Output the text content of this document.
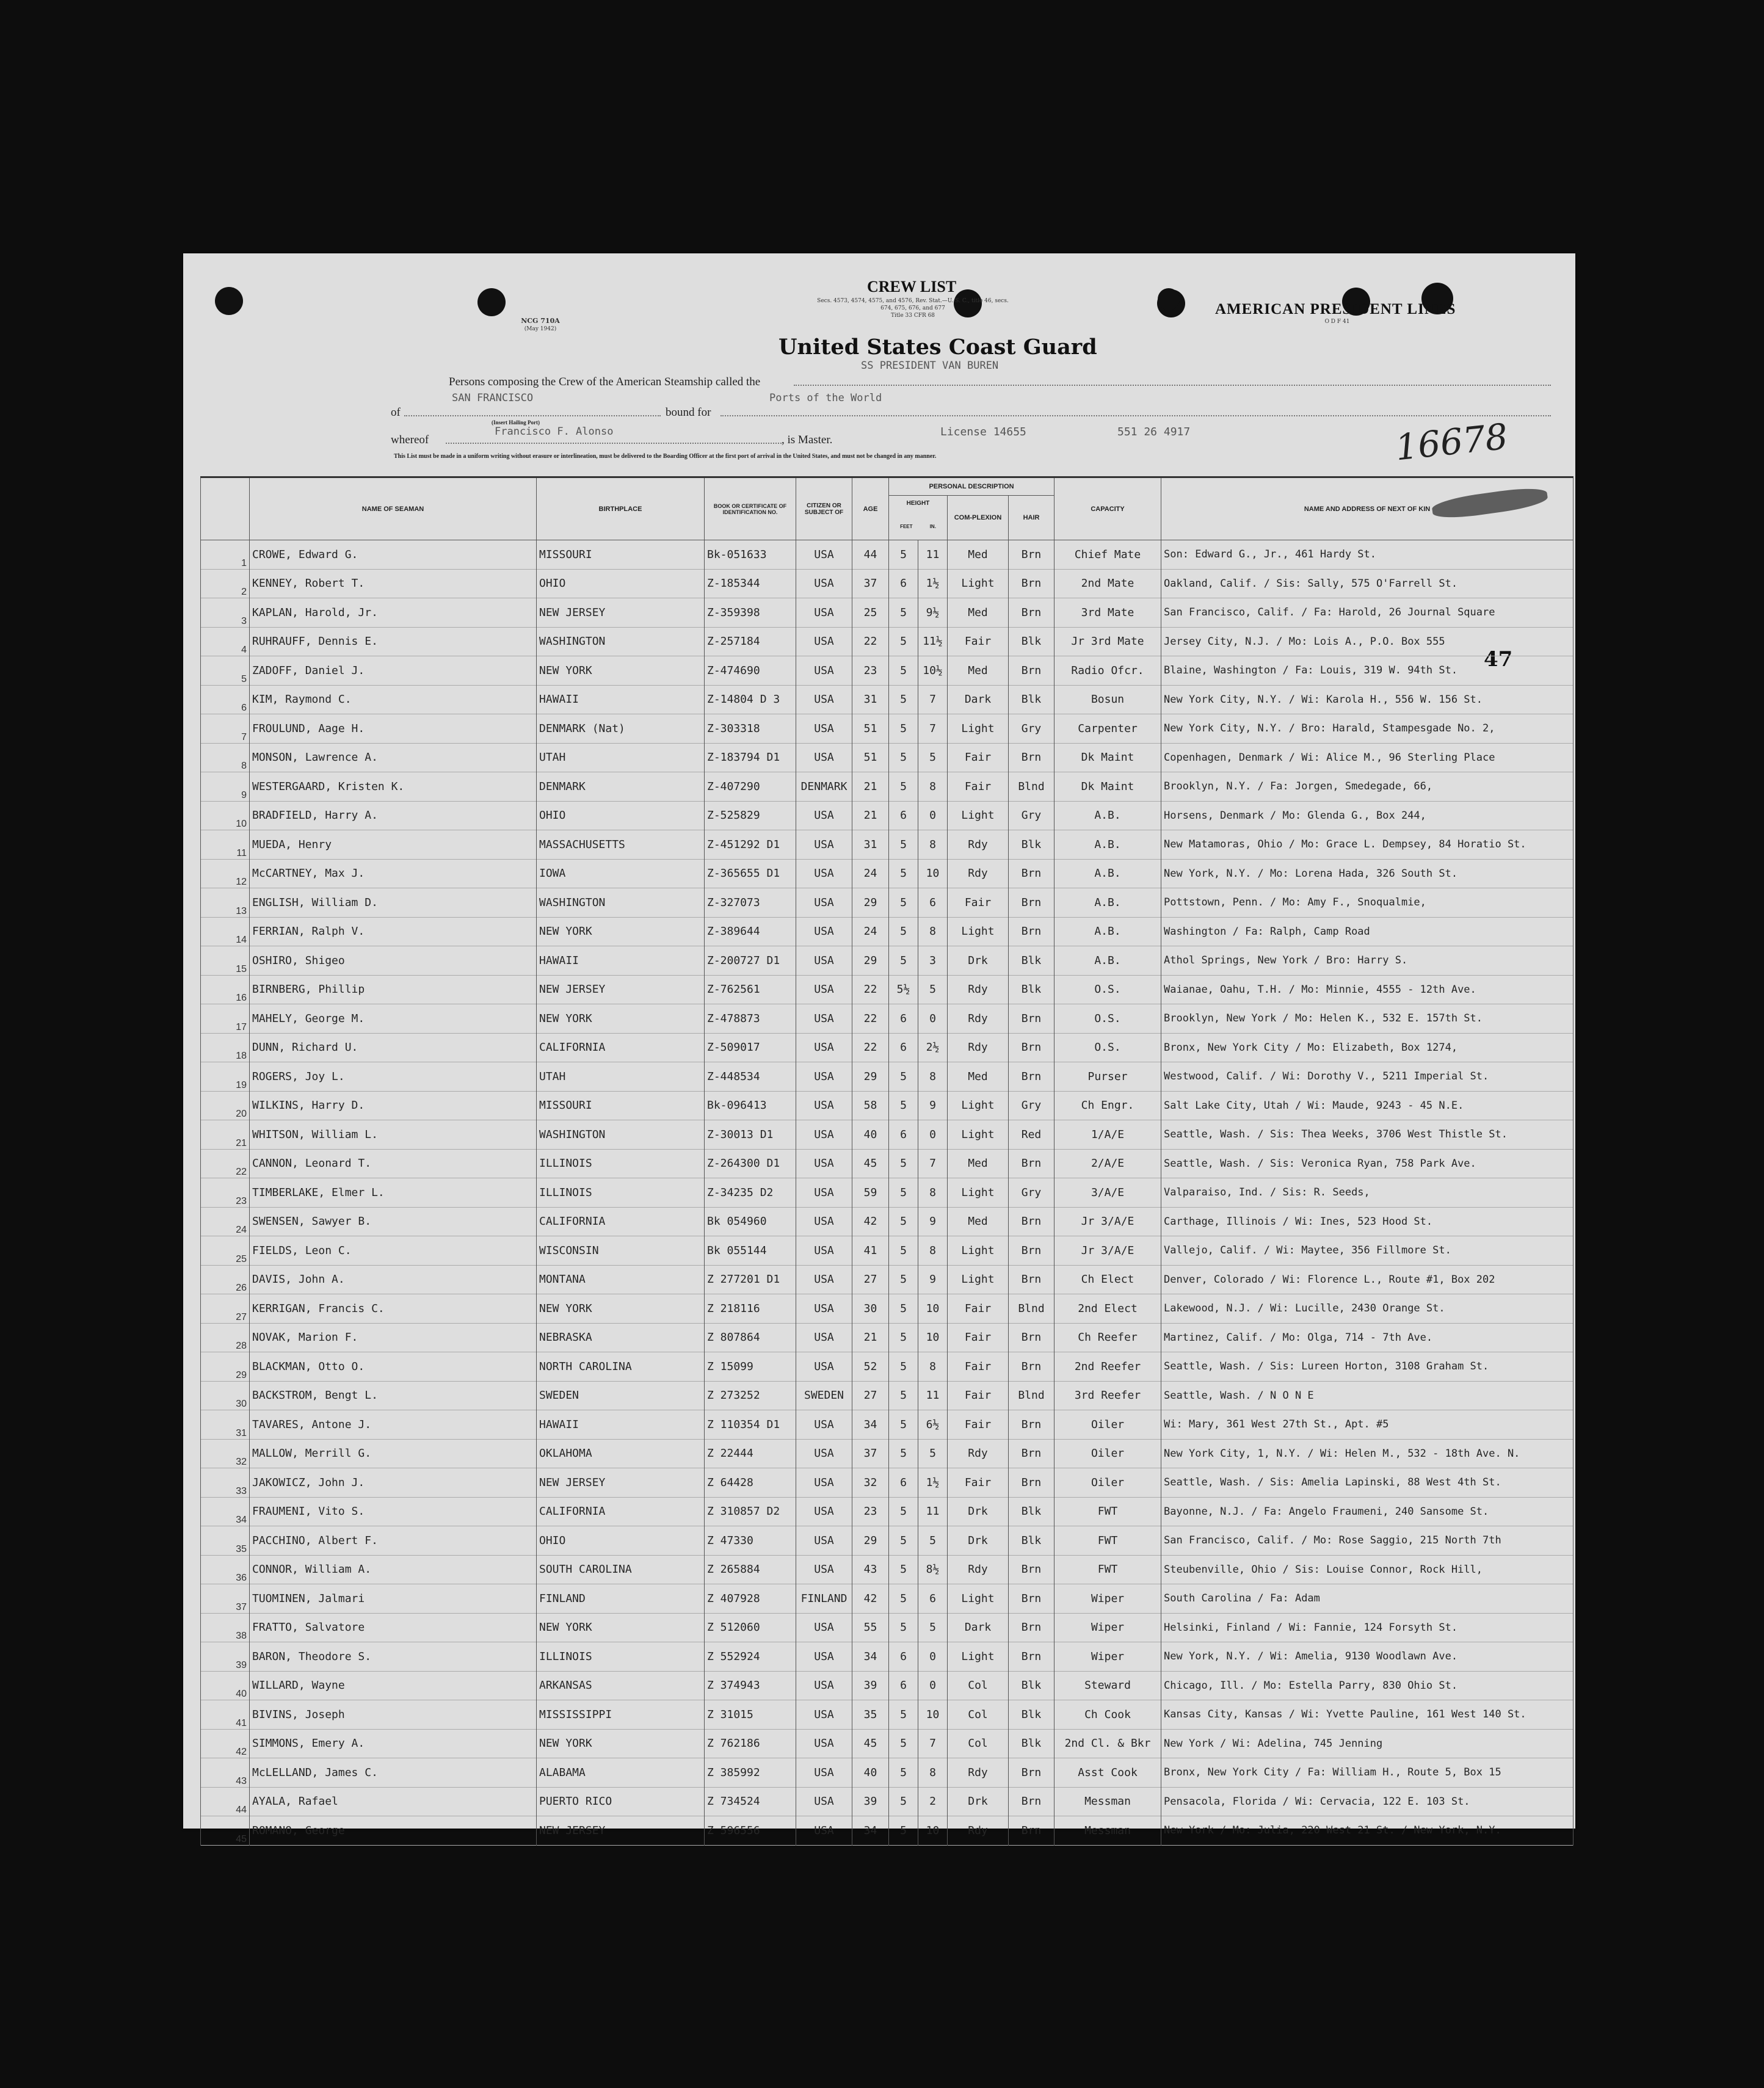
CREW LIST
Secs. 4573, 4574, 4575, and 4576, Rev. Stat.—U. S. C., title 46, secs. 674, 675, 676, and 677
Title 33 CFR 68
NCG 710A
(May 1942)
AMERICAN PRESIDENT LINES
O D F 41
United States Coast Guard
SS PRESIDENT VAN BUREN
Persons composing the Crew of the American Steamship called the
of
SAN FRANCISCO
bound for
Ports of the World
(Insert Hailing Port)
whereof
Francisco F. Alonso
, is Master.
License 14655	551 26 4917	16678
This List must be made in a uniform writing without erasure or interlineation, must be delivered to the Boarding Officer at the first port of arrival in the United States, and must not be changed in any manner.
47
	NAME OF SEAMAN	BIRTHPLACE	BOOK OR CERTIFICATE OF IDENTIFICATION NO.	CITIZEN OR SUBJECT OF	AGE	PERSONAL DESCRIPTION				CAPACITY	NAME AND ADDRESS OF NEXT OF KIN
						HEIGHT
FEET IN.		COM-PLEXION	HAIR		
1	CROWE, Edward G.	MISSOURI	Bk-051633	USA	44	5	11	Med	Brn	Chief Mate	Son: Edward G., Jr., 461 Hardy St.
2	KENNEY, Robert T.	OHIO	Z-185344	USA	37	6	1½	Light	Brn	2nd Mate	Oakland, Calif. / Sis: Sally, 575 O'Farrell St.
3	KAPLAN, Harold, Jr.	NEW JERSEY	Z-359398	USA	25	5	9½	Med	Brn	3rd Mate	San Francisco, Calif. / Fa: Harold, 26 Journal Square
4	RUHRAUFF, Dennis E.	WASHINGTON	Z-257184	USA	22	5	11½	Fair	Blk	Jr 3rd Mate	Jersey City, N.J. / Mo: Lois A., P.O. Box 555
5	ZADOFF, Daniel J.	NEW YORK	Z-474690	USA	23	5	10½	Med	Brn	Radio Ofcr.	Blaine, Washington / Fa: Louis, 319 W. 94th St.
6	KIM, Raymond C.	HAWAII	Z-14804 D 3	USA	31	5	7	Dark	Blk	Bosun	New York City, N.Y. / Wi: Karola H., 556 W. 156 St.
7	FROULUND, Aage H.	DENMARK (Nat)	Z-303318	USA	51	5	7	Light	Gry	Carpenter	New York City, N.Y. / Bro: Harald, Stampesgade No. 2,
8	MONSON, Lawrence A.	UTAH	Z-183794 D1	USA	51	5	5	Fair	Brn	Dk Maint	Copenhagen, Denmark / Wi: Alice M., 96 Sterling Place
9	WESTERGAARD, Kristen K.	DENMARK	Z-407290	DENMARK	21	5	8	Fair	Blnd	Dk Maint	Brooklyn, N.Y. / Fa: Jorgen, Smedegade, 66,
10	BRADFIELD, Harry A.	OHIO	Z-525829	USA	21	6	0	Light	Gry	A.B.	Horsens, Denmark / Mo: Glenda G., Box 244,
11	MUEDA, Henry	MASSACHUSETTS	Z-451292 D1	USA	31	5	8	Rdy	Blk	A.B.	New Matamoras, Ohio / Mo: Grace L. Dempsey, 84 Horatio St.
12	McCARTNEY, Max J.	IOWA	Z-365655 D1	USA	24	5	10	Rdy	Brn	A.B.	New York, N.Y. / Mo: Lorena Hada, 326 South St.
13	ENGLISH, William D.	WASHINGTON	Z-327073	USA	29	5	6	Fair	Brn	A.B.	Pottstown, Penn. / Mo: Amy F., Snoqualmie,
14	FERRIAN, Ralph V.	NEW YORK	Z-389644	USA	24	5	8	Light	Brn	A.B.	Washington / Fa: Ralph, Camp Road
15	OSHIRO, Shigeo	HAWAII	Z-200727 D1	USA	29	5	3	Drk	Blk	A.B.	Athol Springs, New York / Bro: Harry S.
16	BIRNBERG, Phillip	NEW JERSEY	Z-762561	USA	22	5½	5	Rdy	Blk	O.S.	Waianae, Oahu, T.H. / Mo: Minnie, 4555 - 12th Ave.
17	MAHELY, George M.	NEW YORK	Z-478873	USA	22	6	0	Rdy	Brn	O.S.	Brooklyn, New York / Mo: Helen K., 532 E. 157th St.
18	DUNN, Richard U.	CALIFORNIA	Z-509017	USA	22	6	2½	Rdy	Brn	O.S.	Bronx, New York City / Mo: Elizabeth, Box 1274,
19	ROGERS, Joy L.	UTAH	Z-448534	USA	29	5	8	Med	Brn	Purser	Westwood, Calif. / Wi: Dorothy V., 5211 Imperial St.
20	WILKINS, Harry D.	MISSOURI	Bk-096413	USA	58	5	9	Light	Gry	Ch Engr.	Salt Lake City, Utah / Wi: Maude, 9243 - 45 N.E.
21	WHITSON, William L.	WASHINGTON	Z-30013 D1	USA	40	6	0	Light	Red	1/A/E	Seattle, Wash. / Sis: Thea Weeks, 3706 West Thistle St.
22	CANNON, Leonard T.	ILLINOIS	Z-264300 D1	USA	45	5	7	Med	Brn	2/A/E	Seattle, Wash. / Sis: Veronica Ryan, 758 Park Ave.
23	TIMBERLAKE, Elmer L.	ILLINOIS	Z-34235 D2	USA	59	5	8	Light	Gry	3/A/E	Valparaiso, Ind. / Sis: R. Seeds,
24	SWENSEN, Sawyer B.	CALIFORNIA	Bk 054960	USA	42	5	9	Med	Brn	Jr 3/A/E	Carthage, Illinois / Wi: Ines, 523 Hood St.
25	FIELDS, Leon C.	WISCONSIN	Bk 055144	USA	41	5	8	Light	Brn	Jr 3/A/E	Vallejo, Calif. / Wi: Maytee, 356 Fillmore St.
26	DAVIS, John A.	MONTANA	Z 277201 D1	USA	27	5	9	Light	Brn	Ch Elect	Denver, Colorado / Wi: Florence L., Route #1, Box 202
27	KERRIGAN, Francis C.	NEW YORK	Z 218116	USA	30	5	10	Fair	Blnd	2nd Elect	Lakewood, N.J. / Wi: Lucille, 2430 Orange St.
28	NOVAK, Marion F.	NEBRASKA	Z 807864	USA	21	5	10	Fair	Brn	Ch Reefer	Martinez, Calif. / Mo: Olga, 714 - 7th Ave.
29	BLACKMAN, Otto O.	NORTH CAROLINA	Z 15099	USA	52	5	8	Fair	Brn	2nd Reefer	Seattle, Wash. / Sis: Lureen Horton, 3108 Graham St.
30	BACKSTROM, Bengt L.	SWEDEN	Z 273252	SWEDEN	27	5	11	Fair	Blnd	3rd Reefer	Seattle, Wash. / N O N E
31	TAVARES, Antone J.	HAWAII	Z 110354 D1	USA	34	5	6½	Fair	Brn	Oiler	Wi: Mary, 361 West 27th St., Apt. #5
32	MALLOW, Merrill G.	OKLAHOMA	Z 22444	USA	37	5	5	Rdy	Brn	Oiler	New York City, 1, N.Y. / Wi: Helen M., 532 - 18th Ave. N.
33	JAKOWICZ, John J.	NEW JERSEY	Z 64428	USA	32	6	1½	Fair	Brn	Oiler	Seattle, Wash. / Sis: Amelia Lapinski, 88 West 4th St.
34	FRAUMENI, Vito S.	CALIFORNIA	Z 310857 D2	USA	23	5	11	Drk	Blk	FWT	Bayonne, N.J. / Fa: Angelo Fraumeni, 240 Sansome St.
35	PACCHINO, Albert F.	OHIO	Z 47330	USA	29	5	5	Drk	Blk	FWT	San Francisco, Calif. / Mo: Rose Saggio, 215 North 7th
36	CONNOR, William A.	SOUTH CAROLINA	Z 265884	USA	43	5	8½	Rdy	Brn	FWT	Steubenville, Ohio / Sis: Louise Connor, Rock Hill,
37	TUOMINEN, Jalmari	FINLAND	Z 407928	FINLAND	42	5	6	Light	Brn	Wiper	South Carolina / Fa: Adam
38	FRATTO, Salvatore	NEW YORK	Z 512060	USA	55	5	5	Dark	Brn	Wiper	Helsinki, Finland / Wi: Fannie, 124 Forsyth St.
39	BARON, Theodore S.	ILLINOIS	Z 552924	USA	34	6	0	Light	Brn	Wiper	New York, N.Y. / Wi: Amelia, 9130 Woodlawn Ave.
40	WILLARD, Wayne	ARKANSAS	Z 374943	USA	39	6	0	Col	Blk	Steward	Chicago, Ill. / Mo: Estella Parry, 830 Ohio St.
41	BIVINS, Joseph	MISSISSIPPI	Z 31015	USA	35	5	10	Col	Blk	Ch Cook	Kansas City, Kansas / Wi: Yvette Pauline, 161 West 140 St.
42	SIMMONS, Emery A.	NEW YORK	Z 762186	USA	45	5	7	Col	Blk	2nd Cl. & Bkr	New York / Wi: Adelina, 745 Jenning
43	McLELLAND, James C.	ALABAMA	Z 385992	USA	40	5	8	Rdy	Brn	Asst Cook	Bronx, New York City / Fa: William H., Route 5, Box 15
44	AYALA, Rafael	PUERTO RICO	Z 734524	USA	39	5	2	Drk	Brn	Messman	Pensacola, Florida / Wi: Cervacia, 122 E. 103 St.
45	ROMANO, George	NEW JERSEY	Z 596556	USA	34	5	10	Rdy	Brn	Messman	New York / Mo: Julia, 220 West 21 St. / New York, N.Y.
